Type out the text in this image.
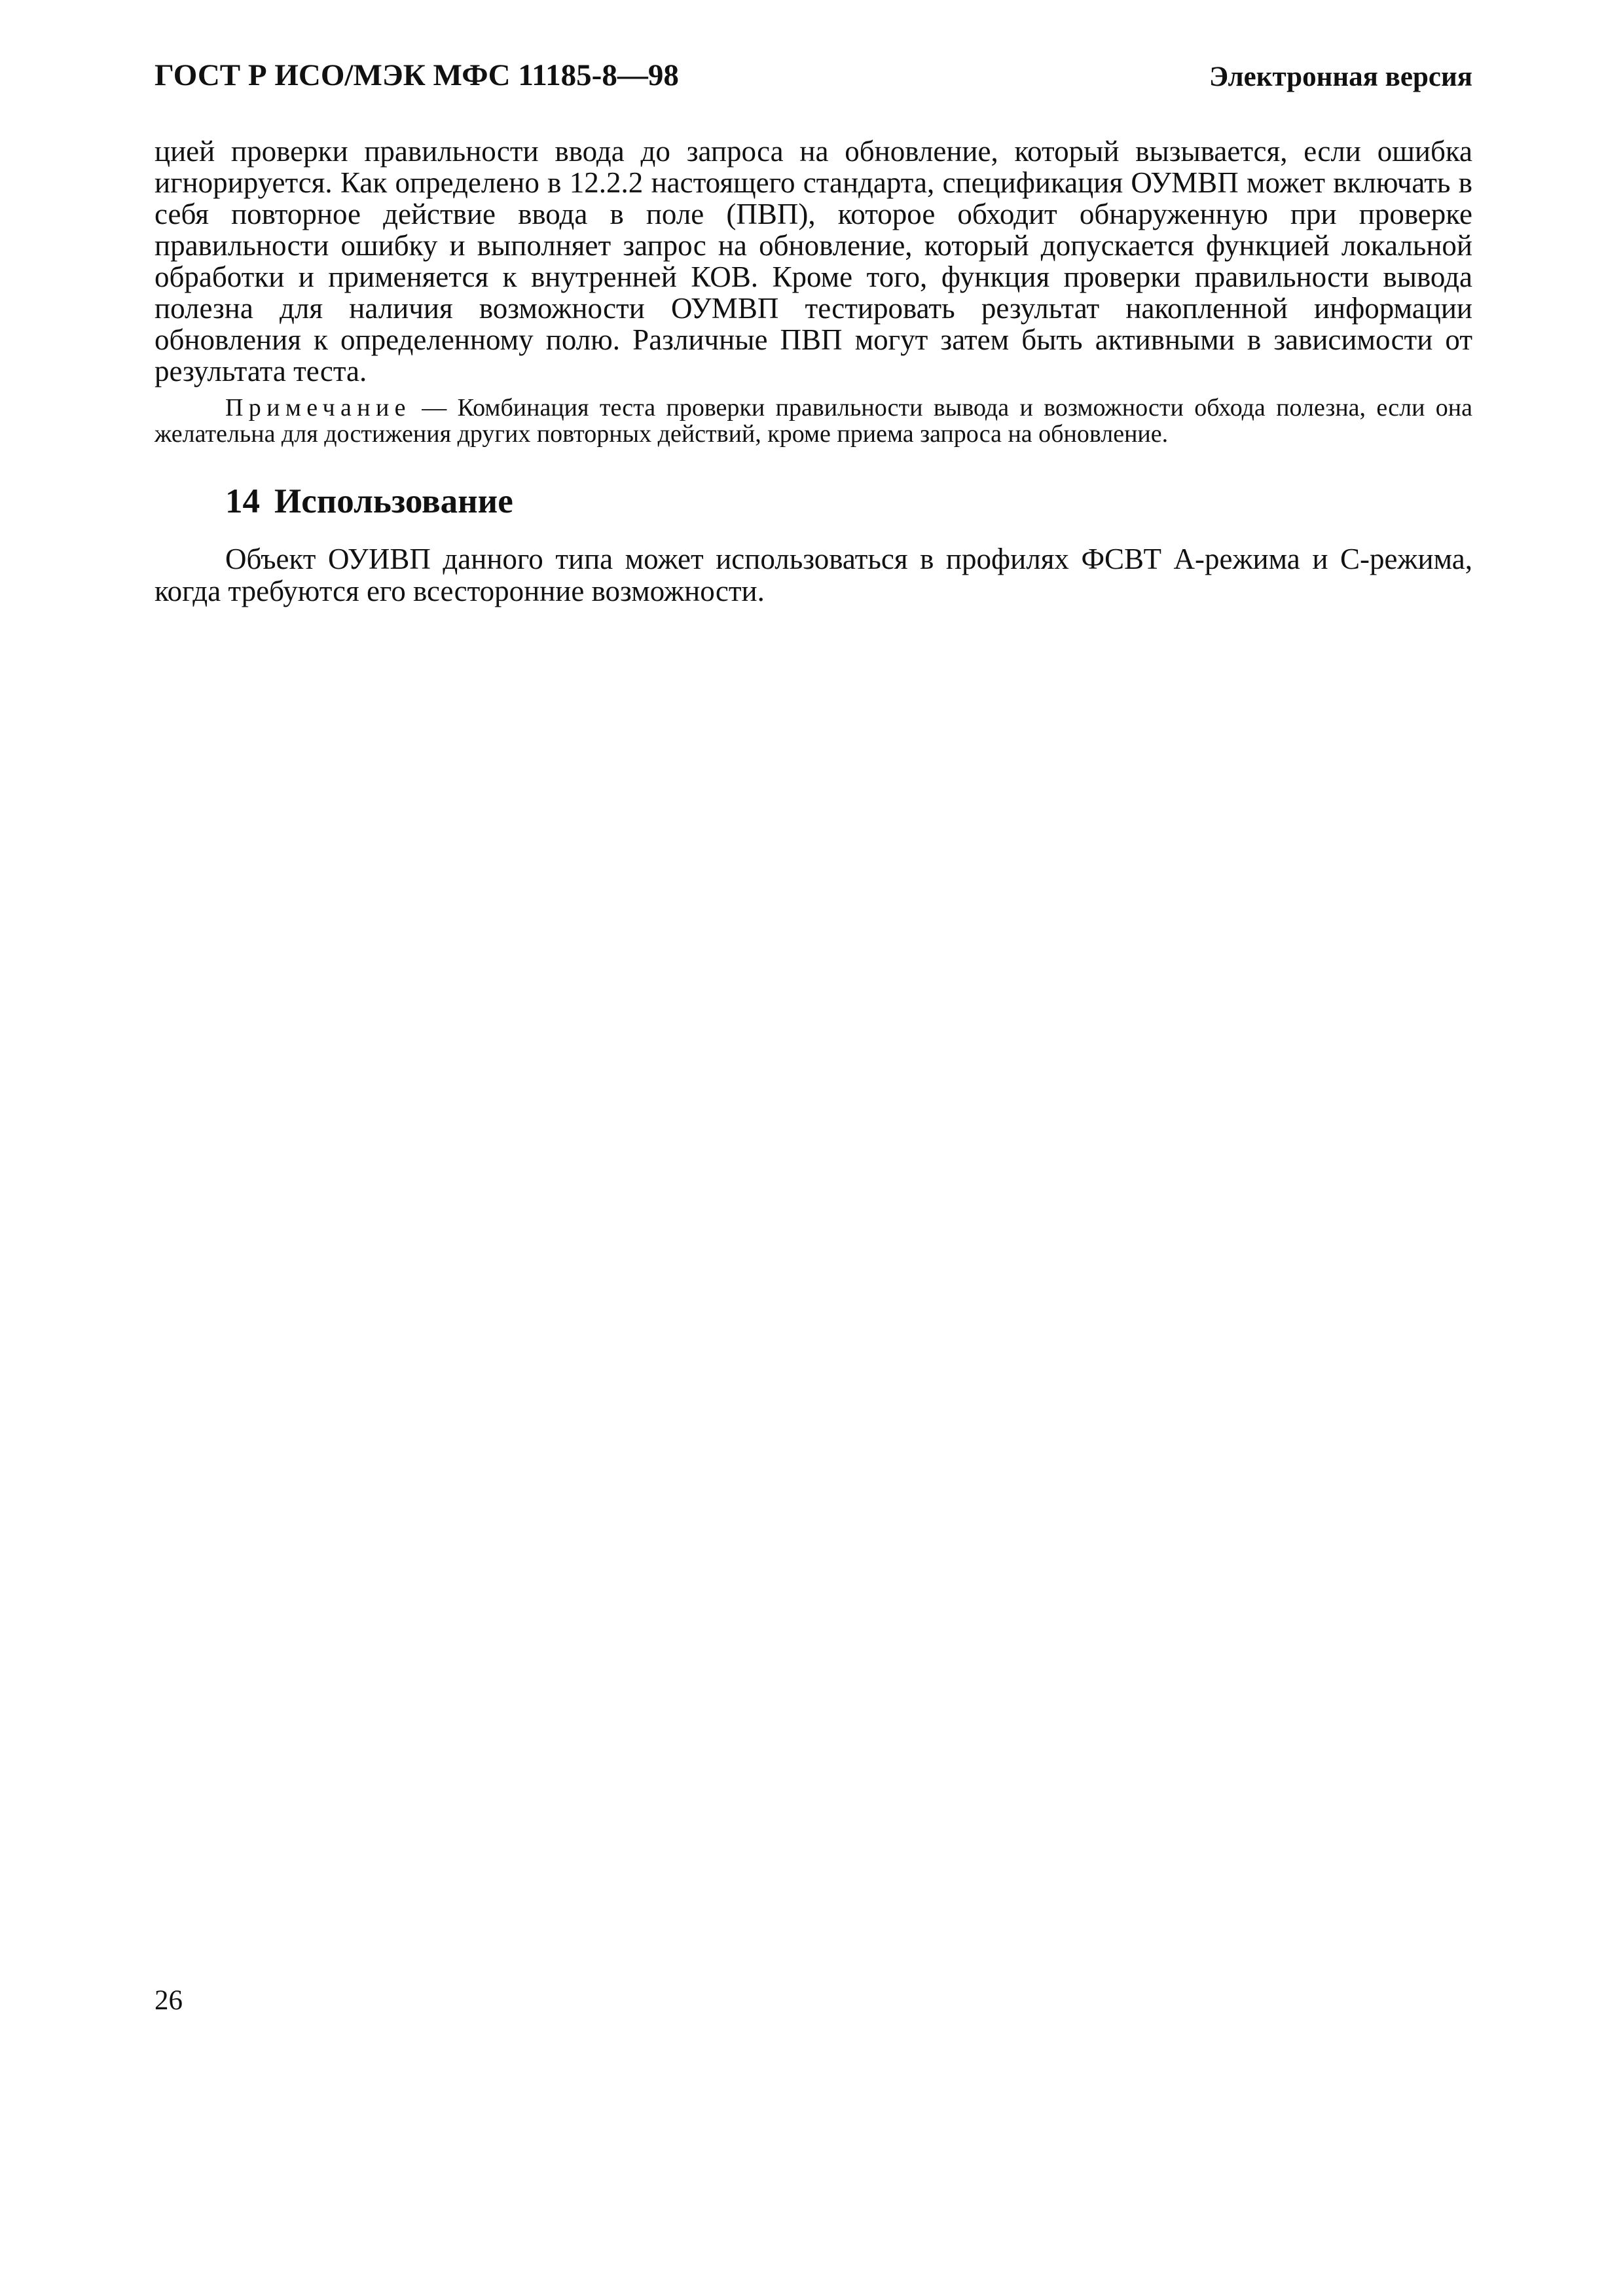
ГОСТ Р ИСО/МЭК МФС 11185-8—98	Электронная версия
цией проверки правильности ввода до запроса на обновление, который вызывается, если ошибка игнорируется. Как определено в 12.2.2 настоящего стандарта, спецификация ОУМВП может включать в себя повторное действие ввода в поле (ПВП), которое обходит обнаруженную при проверке правильности ошибку и выполняет запрос на обновление, который допускается функцией локальной обработки и применяется к внутренней КОВ. Кроме того, функция проверки правильности вывода полезна для наличия возможности ОУМВП тестировать результат накопленной информации обновления к определенному полю. Различные ПВП могут затем быть активными в зависимости от результата теста.
Примечание — Комбинация теста проверки правильности вывода и возможности обхода полезна, если она желательна для достижения других повторных действий, кроме приема запроса на обновление.
14 Использование
Объект ОУИВП данного типа может использоваться в профилях ФСВТ А-режима и С-режима, когда требуются его всесторонние возможности.
26
